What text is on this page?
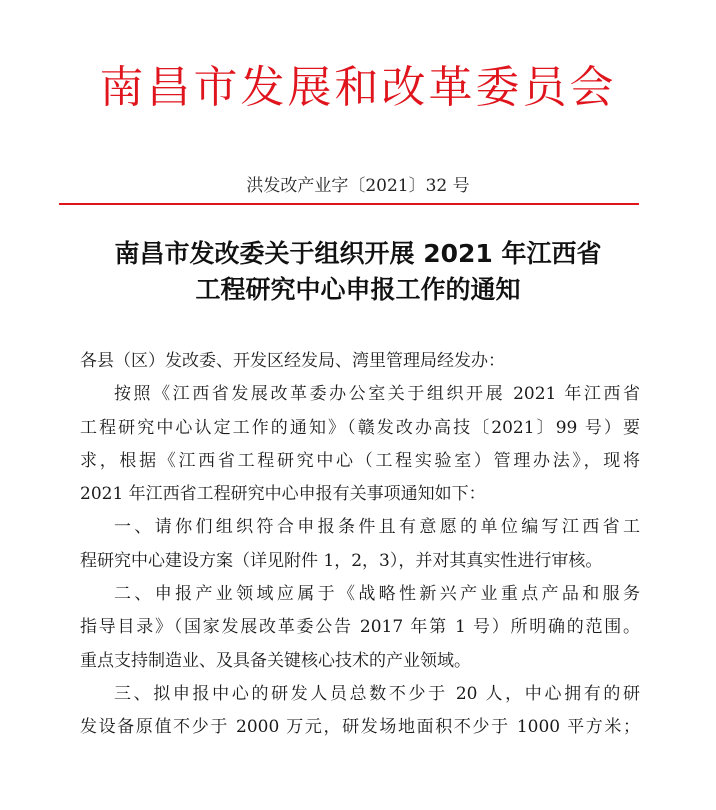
南昌市发展和改革委员会
洪发改产业字〔2021〕32 号
南昌市发改委关于组织开展 2021 年江西省
工程研究中心申报工作的通知

各县（区）发改委、开发区经发局、湾里管理局经发办：

按照《江西省发展改革委办公室关于组织开展 2021 年江西省
工程研究中心认定工作的通知》（赣发改办高技〔2021〕99 号）要
求，根据《江西省工程研究中心（工程实验室）管理办法》，现将
2021 年江西省工程研究中心申报有关事项通知如下：

一、请你们组织符合申报条件且有意愿的单位编写江西省工
程研究中心建设方案（详见附件 1，2，3），并对其真实性进行审核。

二、申报产业领域应属于《战略性新兴产业重点产品和服务
指导目录》（国家发展改革委公告 2017 年第 1 号）所明确的范围。
重点支持制造业、及具备关键核心技术的产业领域。

三、拟申报中心的研发人员总数不少于 20 人，中心拥有的研
发设备原值不少于 2000 万元，研发场地面积不少于 1000 平方米；
